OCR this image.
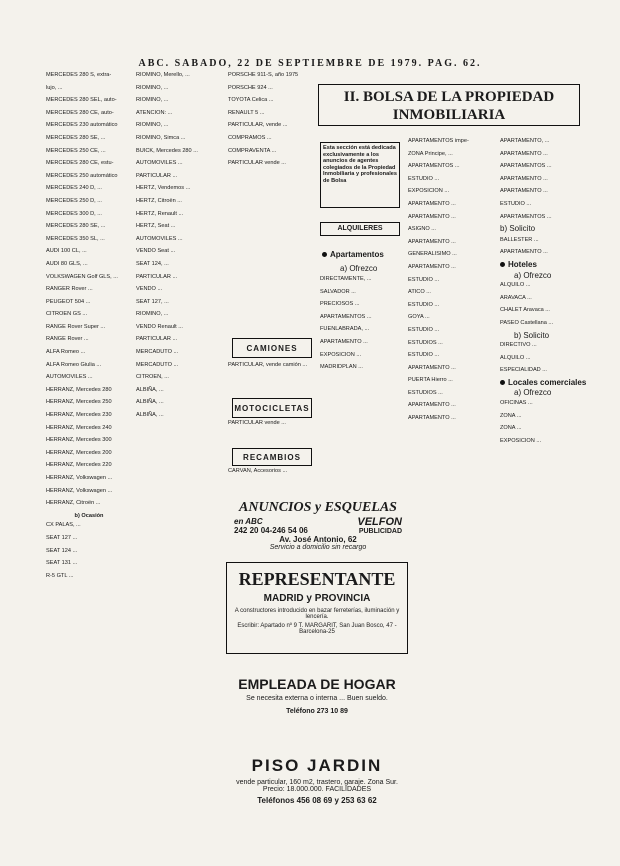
ABC. SABADO, 22 DE SEPTIEMBRE DE 1979. PAG. 62.

MERCEDES 280 S, extra-

lujo, ...

MERCEDES 280 SEL, auto-

MERCEDES 280 CE, auto-

MERCEDES 230 automático

MERCEDES 280 SE, ...

MERCEDES 250 CE, ...

MERCEDES 280 CE, estu-

MERCEDES 250 automático

MERCEDES 240 D, ...

MERCEDES 250 D, ...

MERCEDES 300 D, ...

MERCEDES 280 SE, ...

MERCEDES 350 SL, ...

AUDI 100 CL, ...

AUDI 80 GLS, ...

VOLKSWAGEN Golf GLS, ...

RANGER Rover ...

PEUGEOT 504 ...

CITROEN GS ...

RANGE Rover Super ...

RANGE Rover ...

ALFA Romeo ...

ALFA Romeo Giulia ...

AUTOMOVILES ...

HERRANZ, Mercedes 280

HERRANZ, Mercedes 250

HERRANZ, Mercedes 230

HERRANZ, Mercedes 240

HERRANZ, Mercedes 300

HERRANZ, Mercedes 200

HERRANZ, Mercedes 220

HERRANZ, Volkswagen ...

HERRANZ, Volkswagen ...

HERRANZ, Citroën ...

b) Ocasión

CX PALAS, ...

SEAT 127 ...

SEAT 124 ...

SEAT 131 ...

R-5 GTL ...

RIOMINO, Merello, ...

RIOMINO, ...

RIOMINO, ...

ATENCION: ...

RIOMINO, ...

RIOMINO, Simca ...

BUICK, Mercedes 280 ...

AUTOMOVILES ...

PARTICULAR ...

HERTZ, Vendemos ...

HERTZ, Citroën ...

HERTZ, Renault ...

HERTZ, Seat ...

AUTOMOVILES ...

VENDO Seat ...

SEAT 124, ...

PARTICULAR ...

VENDO ...

SEAT 127, ...

RIOMINO, ...

VENDO Renault ...

PARTICULAR ...

MERCADUTO ...

MERCADUTO ...

CITROEN, ...

ALBIÑA, ...

ALBIÑA, ...

ALBIÑA, ...

PORSCHE 911-S, año 1975

PORSCHE 924 ...

TOYOTA Celica ...

RENAULT 5 ...

PARTICULAR, vende ...

COMPRAMOS ...

COMPRAVENTA ...

PARTICULAR vende ...

CAMIONES

PARTICULAR, vende camión ...

MOTOCICLETAS

PARTICULAR vende ...

RECAMBIOS

CARVAN, Accesorios ...

ANUNCIOS y ESQUELAS
en ABC
242 20 04-246 54 06
VELFON
PUBLICIDAD
Av. José Antonio, 62
Servicio a domicilio sin recargo
REPRESENTANTE
MADRID y PROVINCIA
A constructores introducido en bazar ferreterías, iluminación y lencería.
Escribir: Apartado nº 9 T. MARGARIT, San Juan Bosco, 47 - Barcelona-25
EMPLEADA DE HOGAR
Se necesita externa o interna ... Buen sueldo.
Teléfono 273 10 89
PISO JARDIN
vende particular, 160 m2, trastero, garaje. Zona Sur. Precio: 18.000.000. FACILIDADES
Teléfonos 456 08 69 y 253 63 62
II. BOLSA DE LA PROPIEDAD INMOBILIARIA
Esta sección está dedicada exclusivamente a los anuncios de agentes colegiados de la Propiedad Inmobiliaria y profesionales de Bolsa
ALQUILERES
Apartamentos
a) Ofrezco

DIRECTAMENTE, ...

SALVADOR ...

PRECIOSOS ...

APARTAMENTOS ...

FUENLABRADA, ...

APARTAMENTO ...

EXPOSICION ...

MADRIDPLAN ...

APARTAMENTOS impe-

ZONA Principe, ...

APARTAMENTOS ...

ESTUDIO ...

EXPOSICION ...

APARTAMENTO ...

APARTAMENTO ...

ASIGNO ...

APARTAMENTO ...

GENERALISIMO ...

APARTAMENTO ...

ESTUDIO ...

ATICO ...

ESTUDIO ...

GOYA ...

ESTUDIO ...

ESTUDIOS ...

ESTUDIO ...

APARTAMENTO ...

PUERTA Hierro ...

ESTUDIOS ...

APARTAMENTO ...

APARTAMENTO ...

APARTAMENTO, ...

APARTAMENTO ...

APARTAMENTOS ...

APARTAMENTO ...

APARTAMENTO ...

ESTUDIO ...

APARTAMENTOS ...

b) Solicito

BALLESTER ...

APARTAMENTO ...

Hoteles

a) Ofrezco

ALQUILO ...

ARAVACA ...

CHALET Aravaca ...

PASEO Castellana ...

b) Solicito

DIRECTIVO ...

ALQUILO ...

ESPECIALIDAD ...

Locales comerciales

a) Ofrezco

OFICINAS ...

ZONA ...

ZONA ...

EXPOSICION ...
